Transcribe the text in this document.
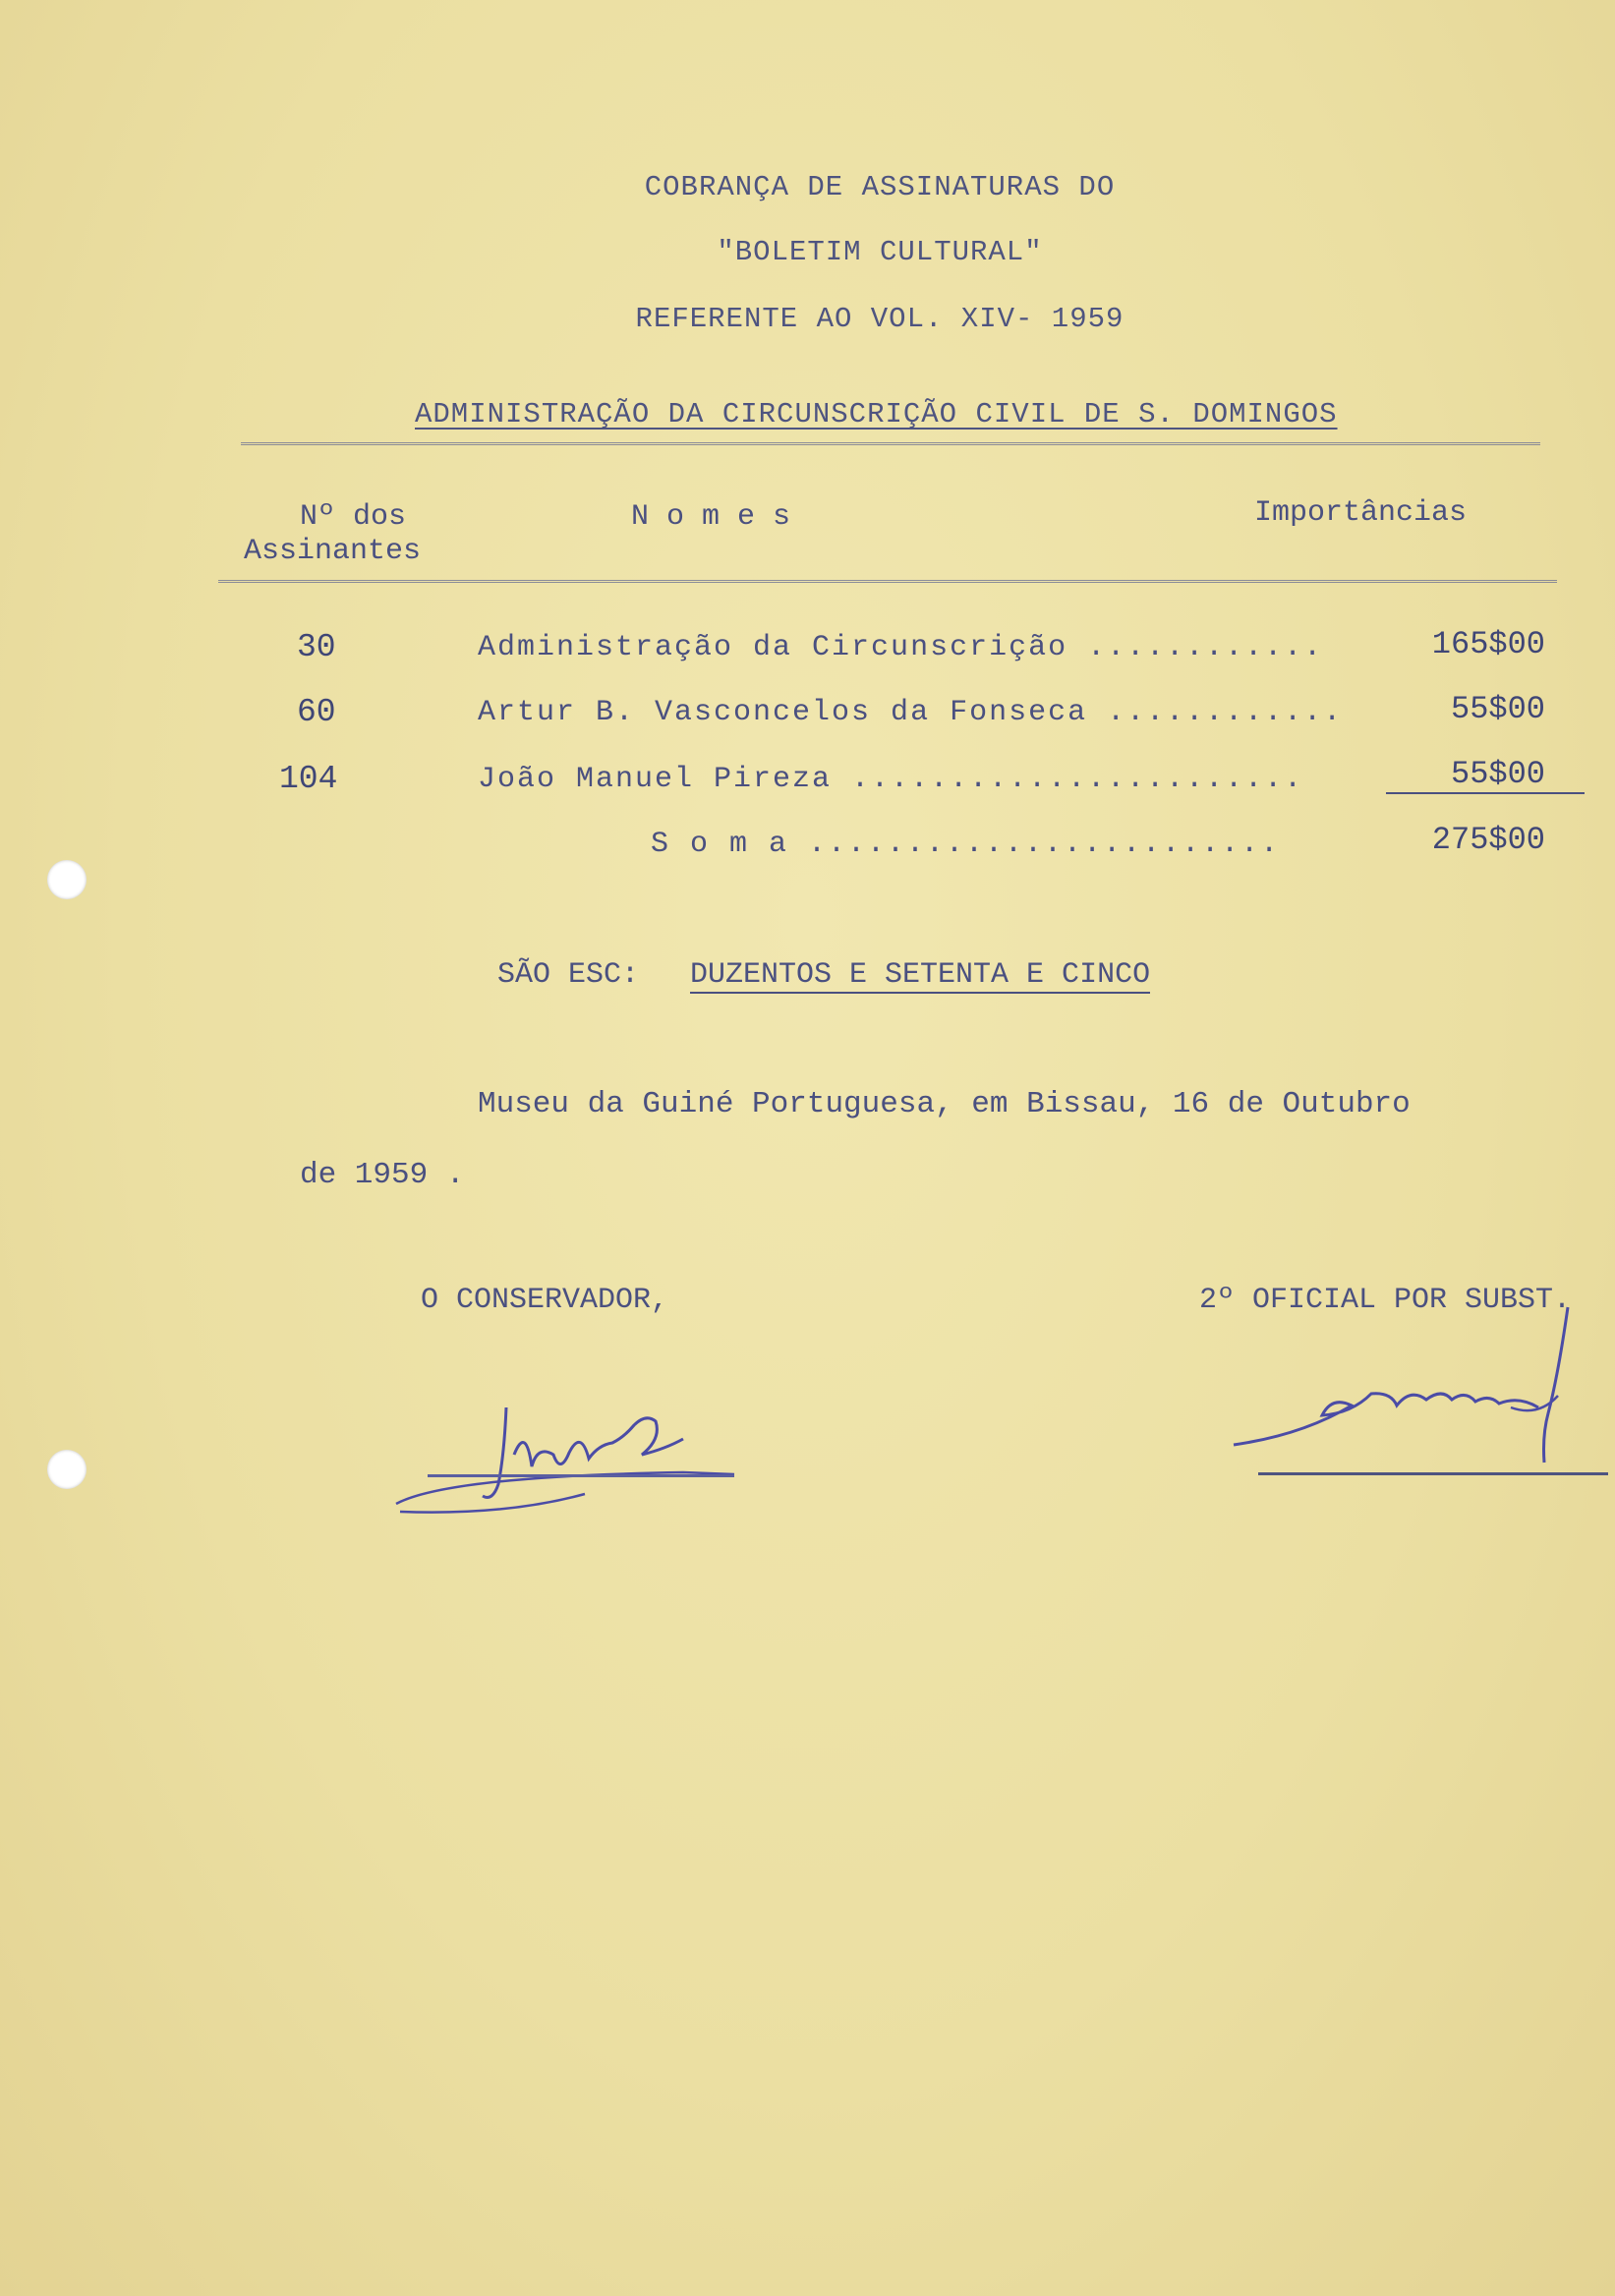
COBRANÇA DE ASSINATURAS DO
"BOLETIM CULTURAL"
REFERENTE AO VOL. XIV- 1959
ADMINISTRAÇÃO DA CIRCUNSCRIÇÃO CIVIL DE S. DOMINGOS
Nº dos
Assinantes
N o m e s	Importâncias
30	Administração da Circunscrição ............	165$00
60	Artur B. Vasconcelos da Fonseca ............	55$00
104	João Manuel Pireza .......................	55$00
S o m a ........................	275$00
SÃO ESC: DUZENTOS E SETENTA E CINCO
Museu da Guiné Portuguesa, em Bissau, 16 de Outubro
de 1959 .
O CONSERVADOR,	2º OFICIAL POR SUBST.
